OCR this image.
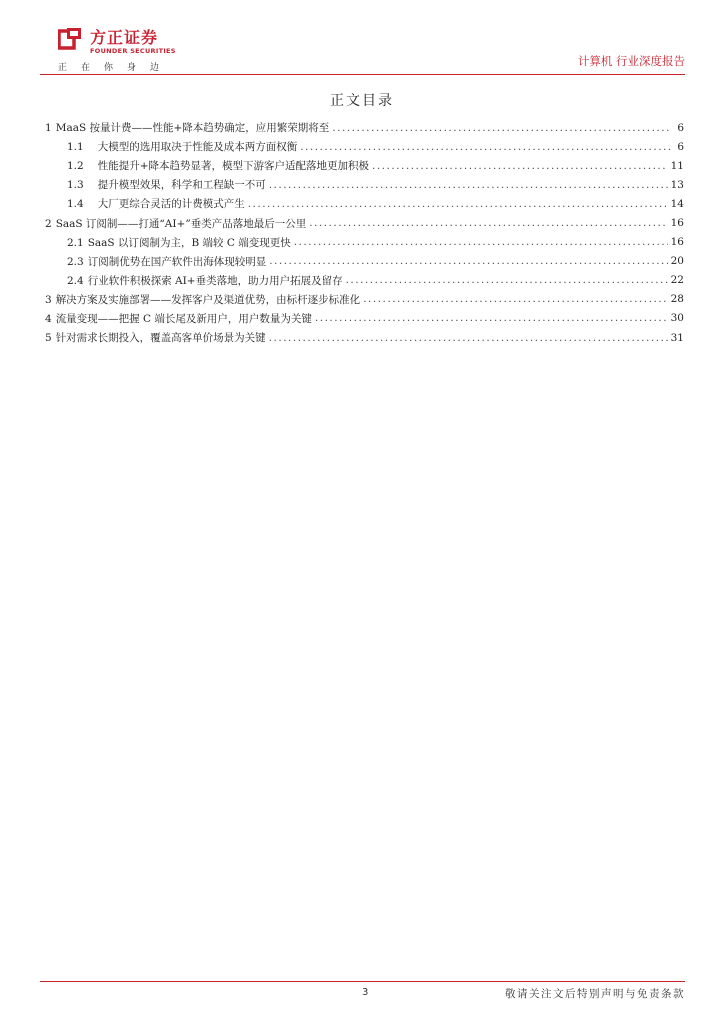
方正证券
FOUNDER SECURITIES
正在你身边	计算机 行业深度报告
正文目录
1 MaaS 按量计费——性能+降本趋势确定，应用繁荣期将至 .....	6
1.1 大模型的选用取决于性能及成本两方面权衡 .....	6
1.2 性能提升+降本趋势显著，模型下游客户适配落地更加积极 .....	11
1.3 提升模型效果，科学和工程缺一不可 .....	13
1.4 大厂更综合灵活的计费模式产生 .....	14
2 SaaS 订阅制——打通“AI+”垂类产品落地最后一公里 .....	16
2.1 SaaS 以订阅制为主，B 端较 C 端变现更快 .....	16
2.3 订阅制优势在国产软件出海体现较明显 .....	20
2.4 行业软件积极探索 AI+垂类落地，助力用户拓展及留存 .....	22
3 解决方案及实施部署——发挥客户及渠道优势，由标杆逐步标准化 .....	28
4 流量变现——把握 C 端长尾及新用户，用户数量为关键 .....	30
5 针对需求长期投入，覆盖高客单价场景为关键 .....	31
3	敬请关注文后特别声明与免责条款
